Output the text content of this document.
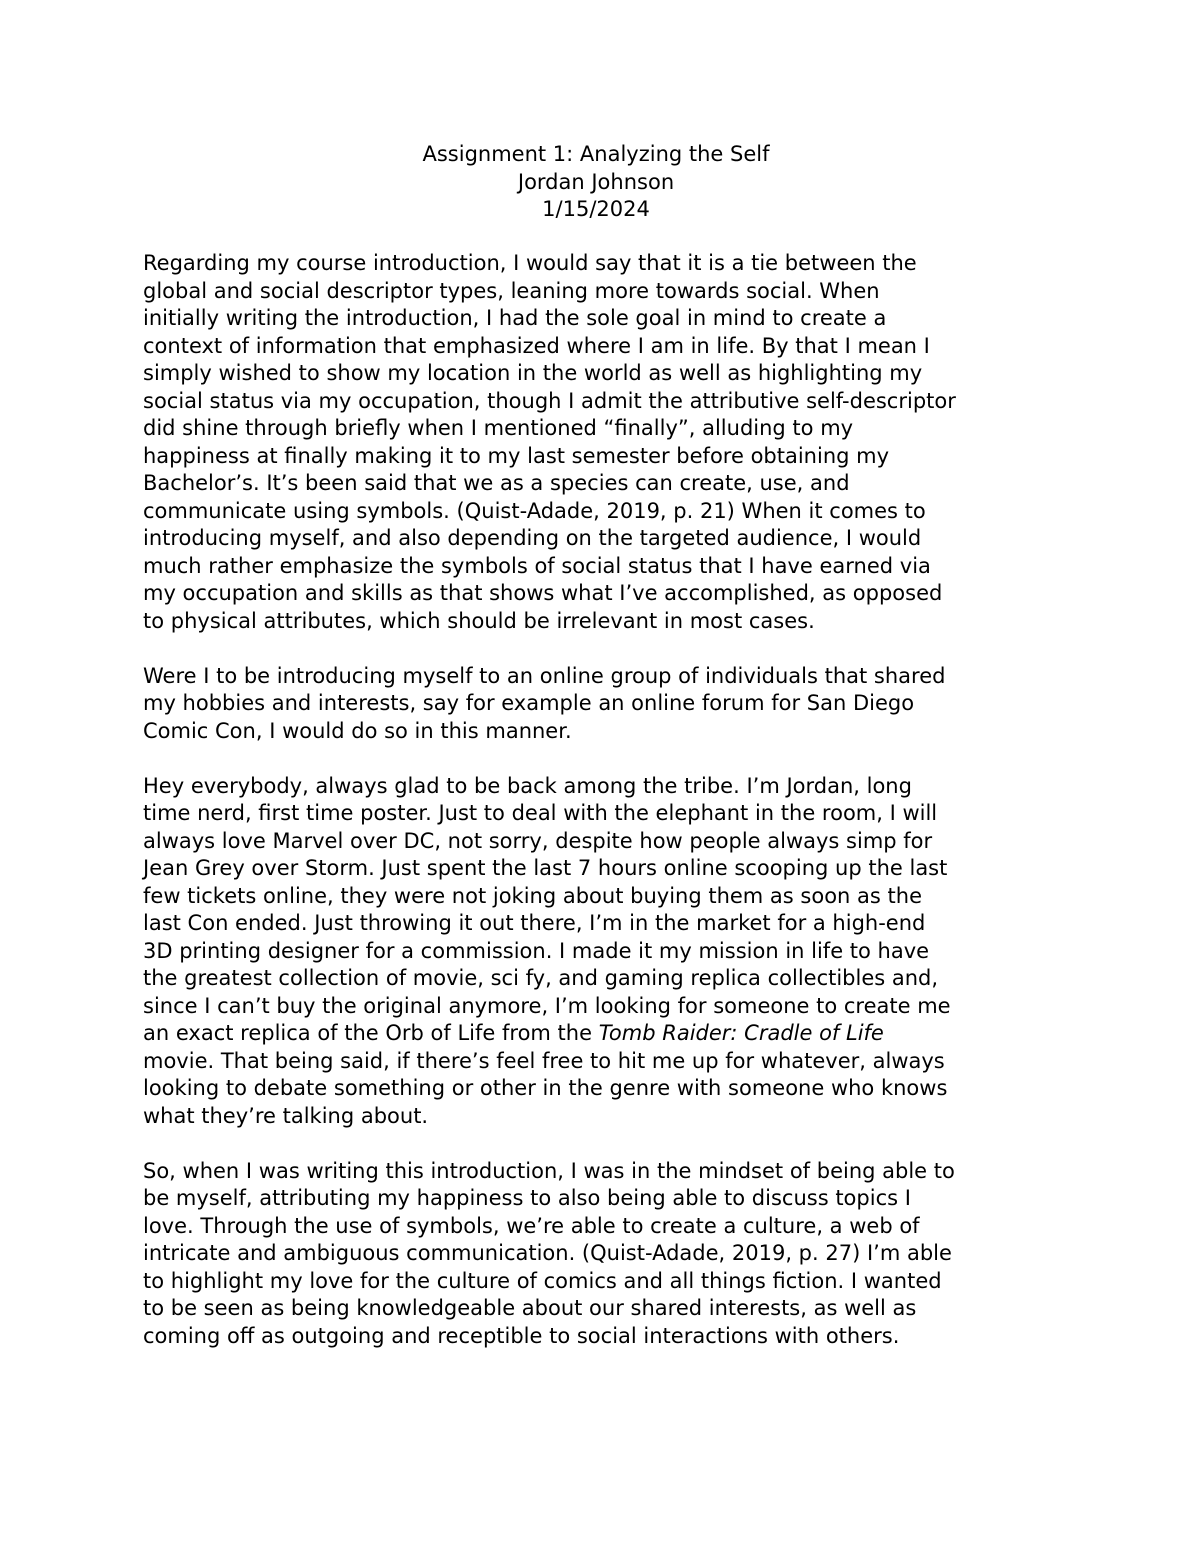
Assignment 1: Analyzing the Self
Jordan Johnson
1/15/2024
Regarding my course introduction, I would say that it is a tie between the
global and social descriptor types, leaning more towards social. When
initially writing the introduction, I had the sole goal in mind to create a
context of information that emphasized where I am in life. By that I mean I
simply wished to show my location in the world as well as highlighting my
social status via my occupation, though I admit the attributive self-descriptor
did shine through briefly when I mentioned “finally”, alluding to my
happiness at finally making it to my last semester before obtaining my
Bachelor’s. It’s been said that we as a species can create, use, and
communicate using symbols. (Quist-Adade, 2019, p. 21) When it comes to
introducing myself, and also depending on the targeted audience, I would
much rather emphasize the symbols of social status that I have earned via
my occupation and skills as that shows what I’ve accomplished, as opposed
to physical attributes, which should be irrelevant in most cases.
Were I to be introducing myself to an online group of individuals that shared
my hobbies and interests, say for example an online forum for San Diego
Comic Con, I would do so in this manner.
Hey everybody, always glad to be back among the tribe. I’m Jordan, long
time nerd, first time poster. Just to deal with the elephant in the room, I will
always love Marvel over DC, not sorry, despite how people always simp for
Jean Grey over Storm. Just spent the last 7 hours online scooping up the last
few tickets online, they were not joking about buying them as soon as the
last Con ended. Just throwing it out there, I’m in the market for a high-end
3D printing designer for a commission. I made it my mission in life to have
the greatest collection of movie, sci fy, and gaming replica collectibles and,
since I can’t buy the original anymore, I’m looking for someone to create me
an exact replica of the Orb of Life from the Tomb Raider: Cradle of Life
movie. That being said, if there’s feel free to hit me up for whatever, always
looking to debate something or other in the genre with someone who knows
what they’re talking about.
So, when I was writing this introduction, I was in the mindset of being able to
be myself, attributing my happiness to also being able to discuss topics I
love. Through the use of symbols, we’re able to create a culture, a web of
intricate and ambiguous communication. (Quist-Adade, 2019, p. 27) I’m able
to highlight my love for the culture of comics and all things fiction. I wanted
to be seen as being knowledgeable about our shared interests, as well as
coming off as outgoing and receptible to social interactions with others.
